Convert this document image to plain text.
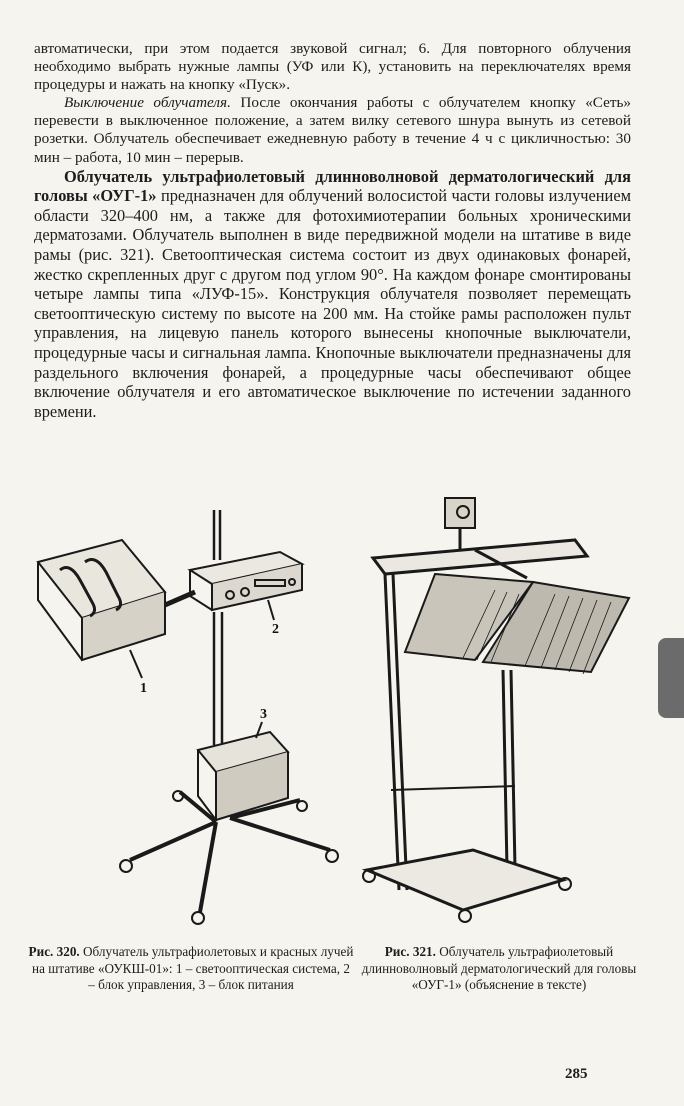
автоматически, при этом подается звуковой сигнал; 6. Для повторного облучения необходимо выбрать нужные лампы (УФ или К), установить на переключателях время процедуры и нажать на кнопку «Пуск».

Выключение облучателя. После окончания работы с облучателем кнопку «Сеть» перевести в выключенное положение, а затем вилку сетевого шнура вынуть из сетевой розетки. Облучатель обеспечивает ежедневную работу в течение 4 ч с цикличностью: 30 мин – работа, 10 мин – перерыв.

Облучатель ультрафиолетовый длинноволновой дерматологический для головы «ОУГ-1» предназначен для облучений волосистой части головы излучением области 320–400 нм, а также для фотохимиотерапии больных хроническими дерматозами. Облучатель выполнен в виде передвижной модели на штативе в виде рамы (рис. 321). Светооптическая система состоит из двух одинаковых фонарей, жестко скрепленных друг с другом под углом 90°. На каждом фонаре смонтированы четыре лампы типа «ЛУФ-15». Конструкция облучателя позволяет перемещать светооптическую систему по высоте на 200 мм. На стойке рамы расположен пульт управления, на лицевую панель которого вынесены кнопочные выключатели, процедурные часы и сигнальная лампа. Кнопочные выключатели предназначены для раздельного включения фонарей, а процедурные часы обеспечивают общее включение облучателя и его автоматическое выключение по истечении заданного времени.

1
2
3
Рис. 320. Облучатель ультрафиолетовых и красных лучей на штативе «ОУКШ-01»: 1 – светооптическая система, 2 – блок управления, 3 – блок питания
Рис. 321. Облучатель ультрафиолетовый длинноволновый дерматологический для головы «ОУГ-1» (объяснение в тексте)
285
